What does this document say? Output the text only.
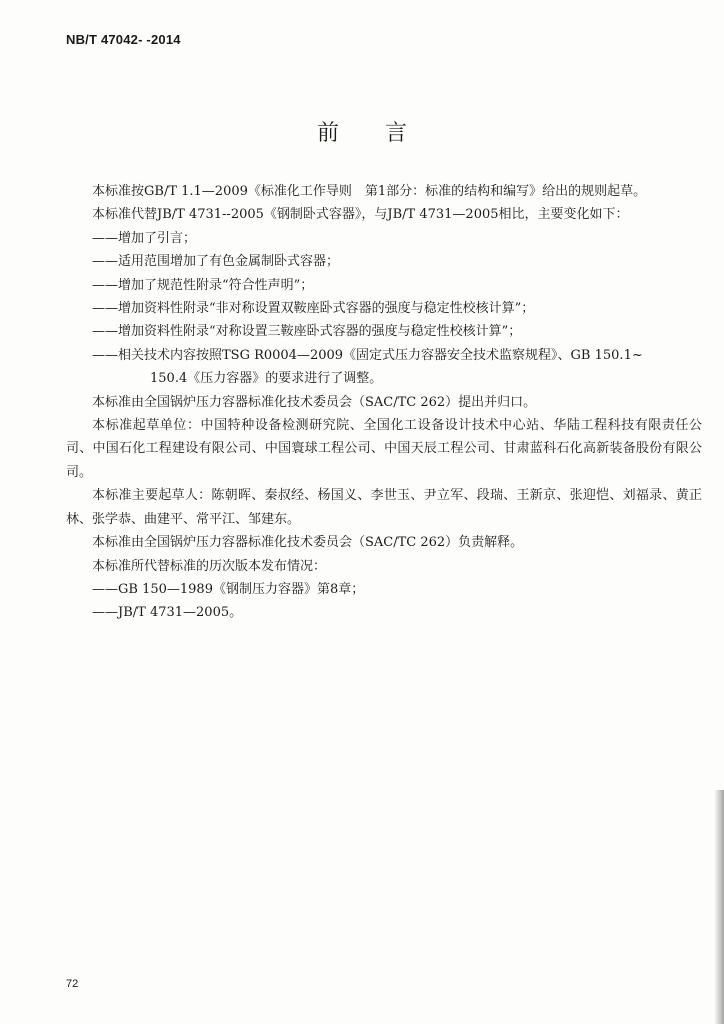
NB/T 47042- -2014
前言

本标准按GB/T 1.1—2009《标准化工作导则　第1部分：标准的结构和编写》给出的规则起草。

本标准代替JB/T 4731--2005《钢制卧式容器》，与JB/T 4731—2005相比，主要变化如下：

——增加了引言；

——适用范围增加了有色金属制卧式容器；

——增加了规范性附录“符合性声明”；

——增加资料性附录“非对称设置双鞍座卧式容器的强度与稳定性校核计算”；

——增加资料性附录“对称设置三鞍座卧式容器的强度与稳定性校核计算”；

——相关技术内容按照TSG R0004—2009《固定式压力容器安全技术监察规程》、GB 150.1~

150.4《压力容器》的要求进行了调整。

本标准由全国锅炉压力容器标准化技术委员会（SAC/TC 262）提出并归口。

本标准起草单位：中国特种设备检测研究院、全国化工设备设计技术中心站、华陆工程科技有限责任公司、中国石化工程建设有限公司、中国寰球工程公司、中国天辰工程公司、甘肃蓝科石化高新装备股份有限公司。

本标准主要起草人：陈朝晖、秦叔经、杨国义、李世玉、尹立军、段瑞、王新京、张迎恺、刘福录、黄正林、张学恭、曲建平、常平江、邹建东。

本标准由全国锅炉压力容器标准化技术委员会（SAC/TC 262）负责解释。

本标准所代替标准的历次版本发布情况：

——GB 150—1989《钢制压力容器》第8章；

——JB/T 4731—2005。

72
